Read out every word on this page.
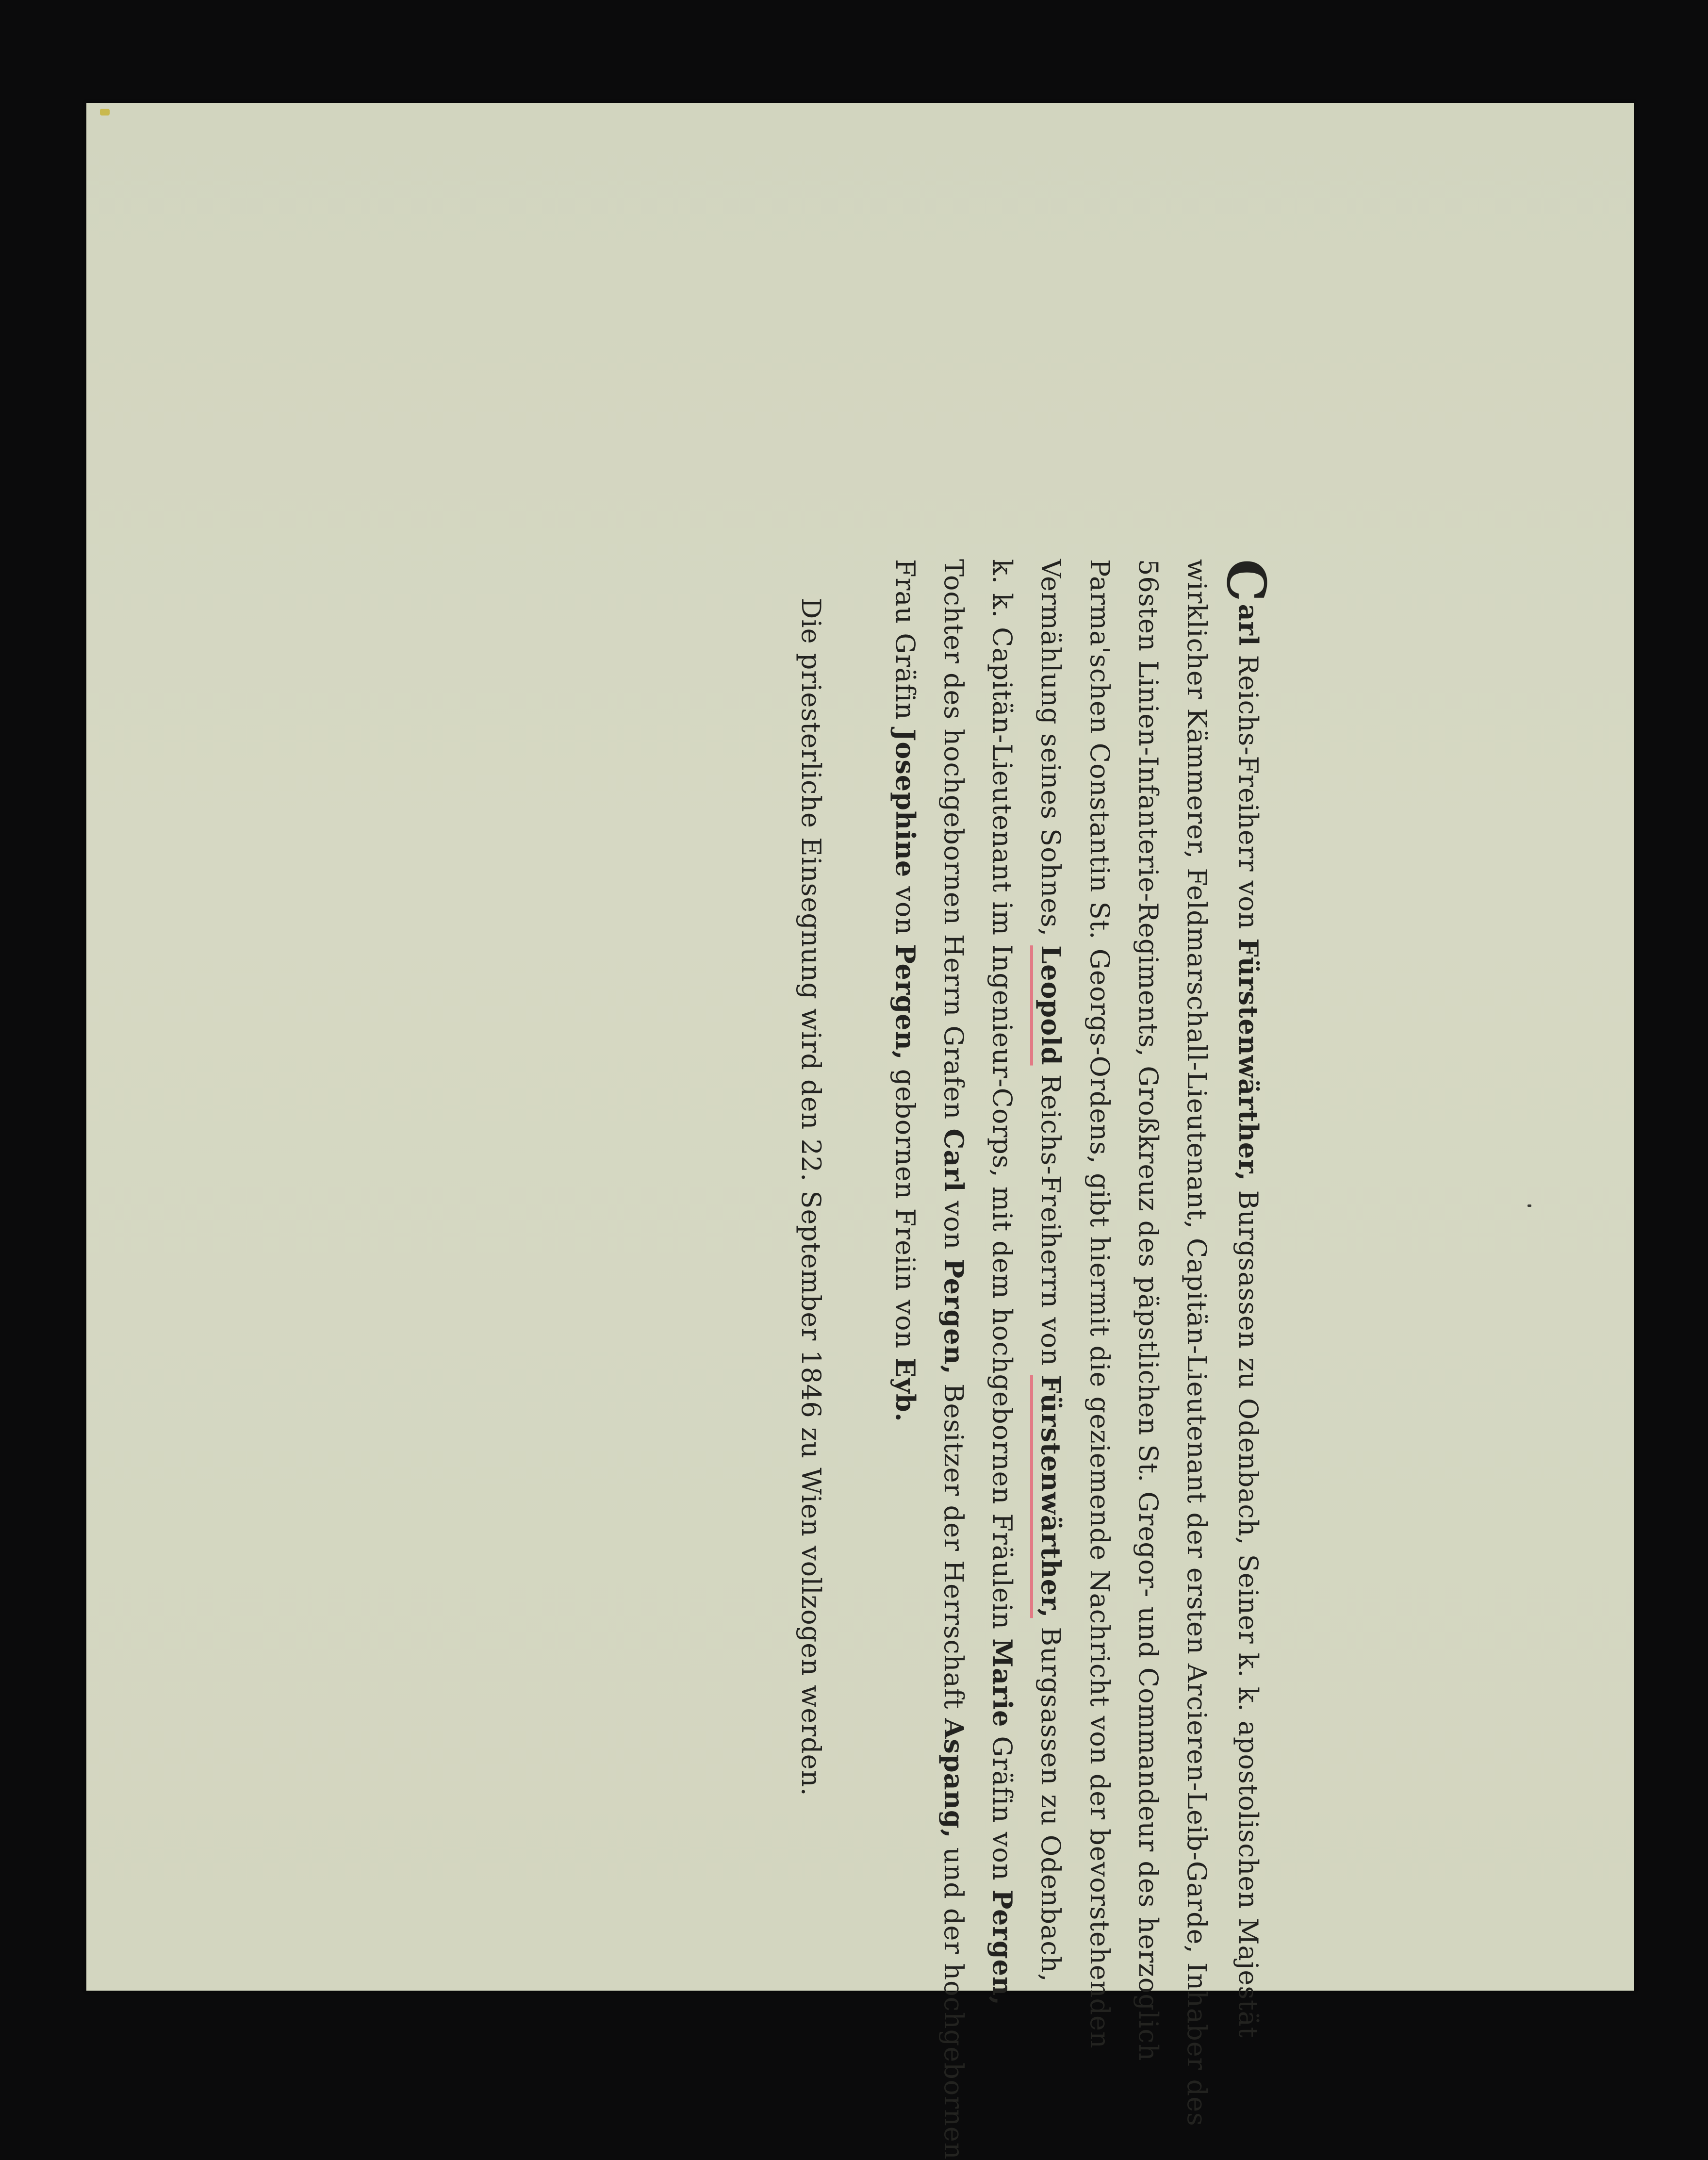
Carl Reichs-Freiherr von Fürstenwärther, Burgsassen zu Odenbach, Seiner k. k. apostolischen Majestät
wirklicher Kämmerer, Feldmarschall-Lieutenant, Capitän-Lieutenant der ersten Arcieren-Leib-Garde, Inhaber des
56sten Linien-Infanterie-Regiments, Großkreuz des päpstlichen St. Gregor- und Commandeur des herzoglich
Parma'schen Constantin St. Georgs-Ordens, gibt hiermit die geziemende Nachricht von der bevorstehenden
Vermählung seines Sohnes, Leopold Reichs-Freiherrn von Fürstenwärther, Burgsassen zu Odenbach,
k. k. Capitän-Lieutenant im Ingenieur-Corps, mit dem hochgebornen Fräulein Marie Gräfin von Pergen,
Tochter des hochgebornen Herrn Grafen Carl von Pergen, Besitzer der Herrschaft Aspang, und der hochgebornen
Frau Gräfin Josephine von Pergen, gebornen Freiin von Eyb.
Die priesterliche Einsegnung wird den 22. September 1846 zu Wien vollzogen werden.
